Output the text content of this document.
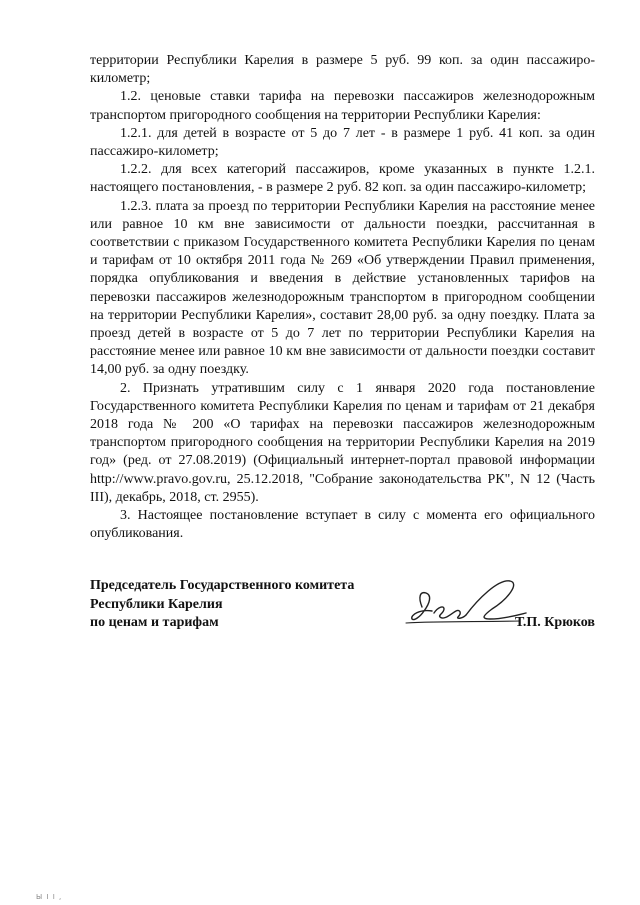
территории Республики Карелия в размере 5 руб. 99 коп. за один пассажиро-километр;

1.2. ценовые ставки тарифа на перевозки пассажиров железнодорожным транспортом пригородного сообщения на территории Республики Карелия:

1.2.1. для детей в возрасте от 5 до 7 лет - в размере 1 руб. 41 коп. за один пассажиро-километр;

1.2.2. для всех категорий пассажиров, кроме указанных в пункте 1.2.1. настоящего постановления, - в размере 2 руб. 82 коп. за один пассажиро-километр;

1.2.3. плата за проезд по территории Республики Карелия на расстояние менее или равное 10 км вне зависимости от дальности поездки, рассчитанная в соответствии с приказом Государственного комитета Республики Карелия по ценам и тарифам от 10 октября 2011 года № 269 «Об утверждении Правил применения, порядка опубликования и введения в действие установленных тарифов на перевозки пассажиров железнодорожным транспортом в пригородном сообщении на территории Республики Карелия», составит 28,00 руб. за одну поездку. Плата за проезд детей в возрасте от 5 до 7 лет по территории Республики Карелия на расстояние менее или равное 10 км вне зависимости от дальности поездки составит 14,00 руб. за одну поездку.

2. Признать утратившим силу с 1 января 2020 года постановление Государственного комитета Республики Карелия по ценам и тарифам от 21 декабря 2018 года № 200 «О тарифах на перевозки пассажиров железнодорожным транспортом пригородного сообщения на территории Республики Карелия на 2019 год» (ред. от 27.08.2019) (Официальный интернет-портал правовой информации http://www.pravo.gov.ru, 25.12.2018, "Собрание законодательства РК", N 12 (Часть III), декабрь, 2018, ст. 2955).

3. Настоящее постановление вступает в силу с момента его официального опубликования.

Председатель Государственного комитета
Республики Карелия
по ценам и тарифам	Т.П. Крюков
Ы I I ,
